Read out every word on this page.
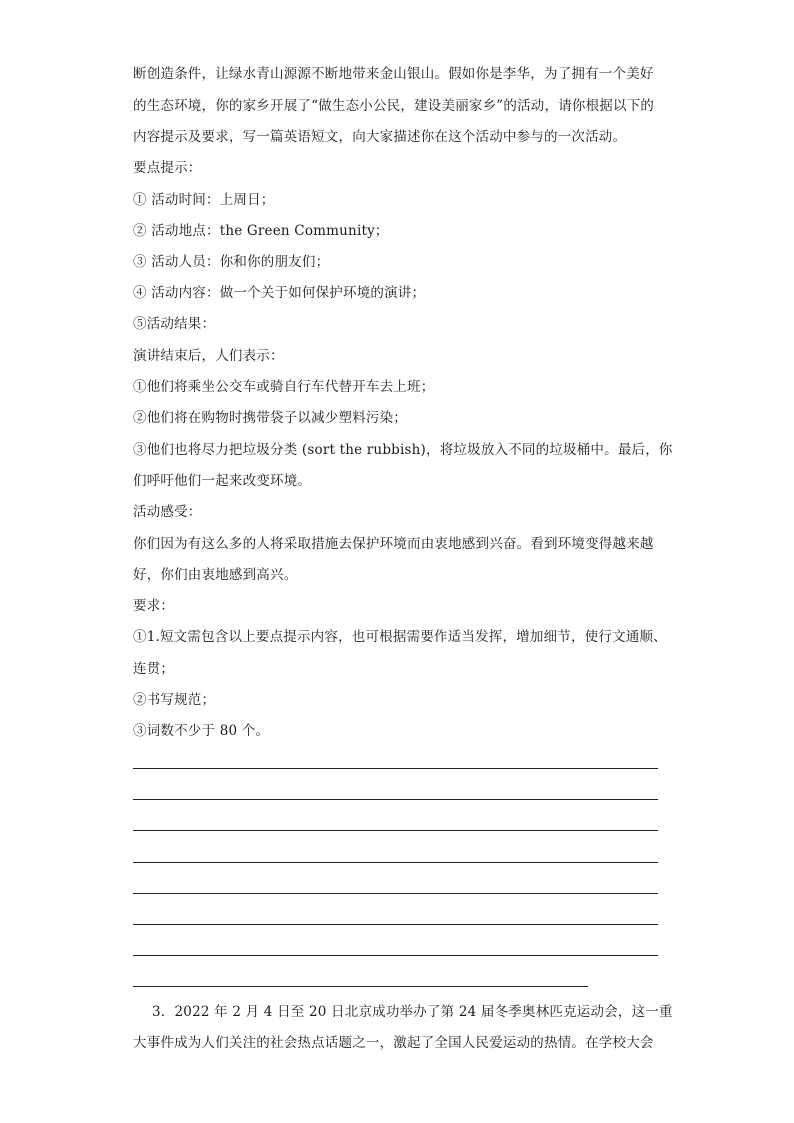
断创造条件，让绿水青山源源不断地带来金山银山。假如你是李华，为了拥有一个美好
的生态环境，你的家乡开展了“做生态小公民，建设美丽家乡”的活动，请你根据以下的
内容提示及要求，写一篇英语短文，向大家描述你在这个活动中参与的一次活动。
要点提示：
① 活动时间：上周日；
② 活动地点：the Green Community；
③ 活动人员：你和你的朋友们；
④ 活动内容：做一个关于如何保护环境的演讲；
⑤活动结果：
演讲结束后，人们表示：
①他们将乘坐公交车或骑自行车代替开车去上班；
②他们将在购物时携带袋子以减少塑料污染；
③他们也将尽力把垃圾分类 (sort the rubbish)，将垃圾放入不同的垃圾桶中。最后，你
们呼吁他们一起来改变环境。
活动感受：
你们因为有这么多的人将采取措施去保护环境而由衷地感到兴奋。看到环境变得越来越
好，你们由衷地感到高兴。
要求：
①1.短文需包含以上要点提示内容，也可根据需要作适当发挥，增加细节，使行文通顺、
连贯；
②书写规范；
③词数不少于 80 个。
3．2022 年 2 月 4 日至 20 日北京成功举办了第 24 届冬季奥林匹克运动会，这一重
大事件成为人们关注的社会热点话题之一，激起了全国人民爱运动的热情。在学校大会
